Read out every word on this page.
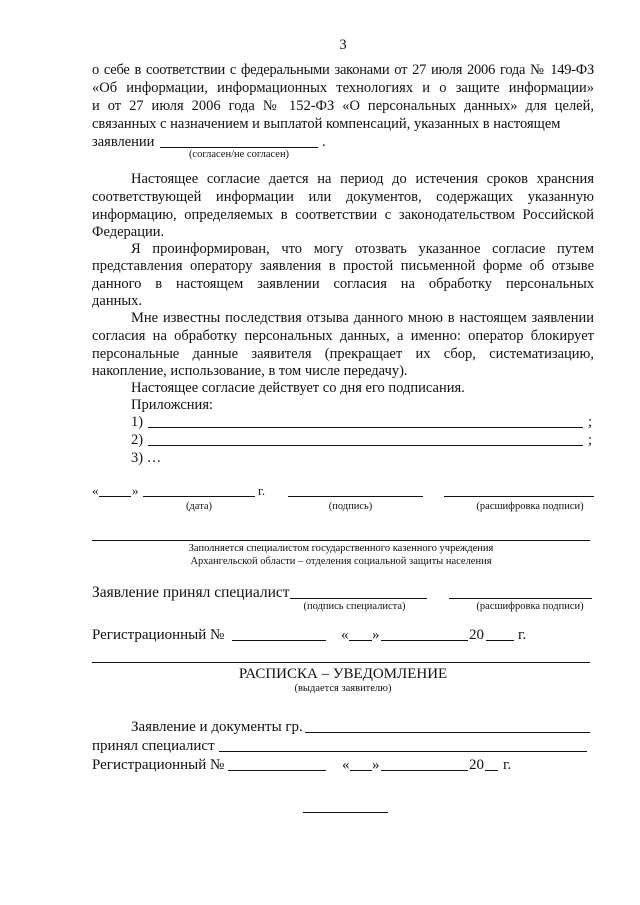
3
о себе в соответствии с федеральными законами от 27 июля 2006 года № 149-ФЗ
«Об информации, информационных технологиях и о защите информации»
и от 27 июля 2006 года № 152-ФЗ «О персональных данных» для целей,
связанных с назначением и выплатой компенсаций, указанных в настоящем
заявлении	.
(согласен/не согласен)
Настоящее согласие дается на период до истечения сроков хрансния
соответствующей информации или документов, содержащих указанную
информацию, определяемых в соответствии с законодательством Российской
Федерации.
Я проинформирован, что могу отозвать указанное согласие путем
представления оператору заявления в простой письменной форме об отзыве
данного в настоящем заявлении согласия на обработку персональных
данных.
Мне известны последствия отзыва данного мною в настоящем заявлении
согласия на обработку персональных данных, а именно: оператор блокирует
персональные данные заявителя (прекращает их сбор, систематизацию,
накопление, использование, в том числе передачу).
Настоящее согласие действует со дня его подписания.
Приложсния:
1)	;
2)	;
3) …
«	»	г.
(дата)	(подпись)	(расшифровка подписи)
Заполняется специалистом государственного казенного учреждения
Архангельской области – отделения социальной защиты населения
Заявление принял специалист
(подпись специалиста)	(расшифровка подписи)
Регистрационный №	« »	20 г.
РАСПИСКА – УВЕДОМЛЕНИЕ
(выдается заявителю)
Заявление и документы гр.
принял специалист
Регистрационный №	« »	20 г.
